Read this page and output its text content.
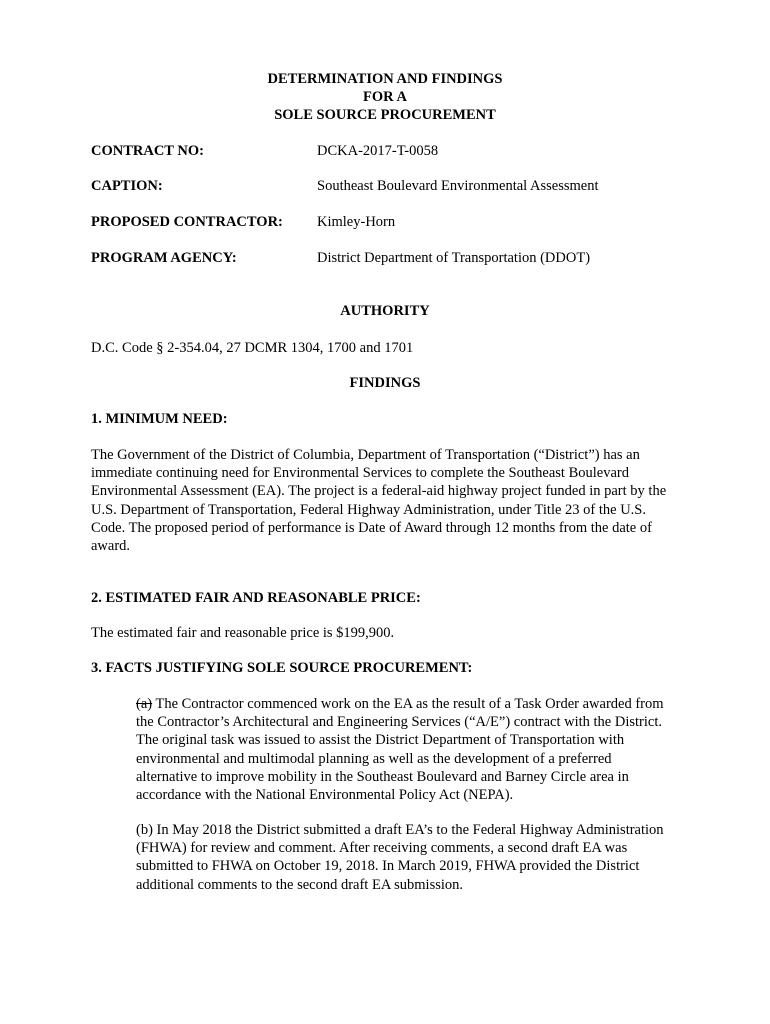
DETERMINATION AND FINDINGS
FOR A
SOLE SOURCE PROCUREMENT
CONTRACT NO:	DCKA-2017-T-0058
CAPTION:	Southeast Boulevard Environmental Assessment
PROPOSED CONTRACTOR: Kimley-Horn
PROGRAM AGENCY:	District Department of Transportation (DDOT)
AUTHORITY
D.C. Code § 2-354.04, 27 DCMR 1304, 1700 and 1701
FINDINGS
1. MINIMUM NEED:
The Government of the District of Columbia, Department of Transportation (“District”) has an immediate continuing need for Environmental Services to complete the Southeast Boulevard Environmental Assessment (EA). The project is a federal-aid highway project funded in part by the U.S. Department of Transportation, Federal Highway Administration, under Title 23 of the U.S. Code. The proposed period of performance is Date of Award through 12 months from the date of award.
2. ESTIMATED FAIR AND REASONABLE PRICE:
The estimated fair and reasonable price is $199,900.
3. FACTS JUSTIFYING SOLE SOURCE PROCUREMENT:
(a) The Contractor commenced work on the EA as the result of a Task Order awarded from the Contractor’s Architectural and Engineering Services (“A/E”) contract with the District. The original task was issued to assist the District Department of Transportation with environmental and multimodal planning as well as the development of a preferred alternative to improve mobility in the Southeast Boulevard and Barney Circle area in accordance with the National Environmental Policy Act (NEPA).
(b) In May 2018 the District submitted a draft EA’s to the Federal Highway Administration (FHWA) for review and comment. After receiving comments, a second draft EA was submitted to FHWA on October 19, 2018. In March 2019, FHWA provided the District additional comments to the second draft EA submission.
